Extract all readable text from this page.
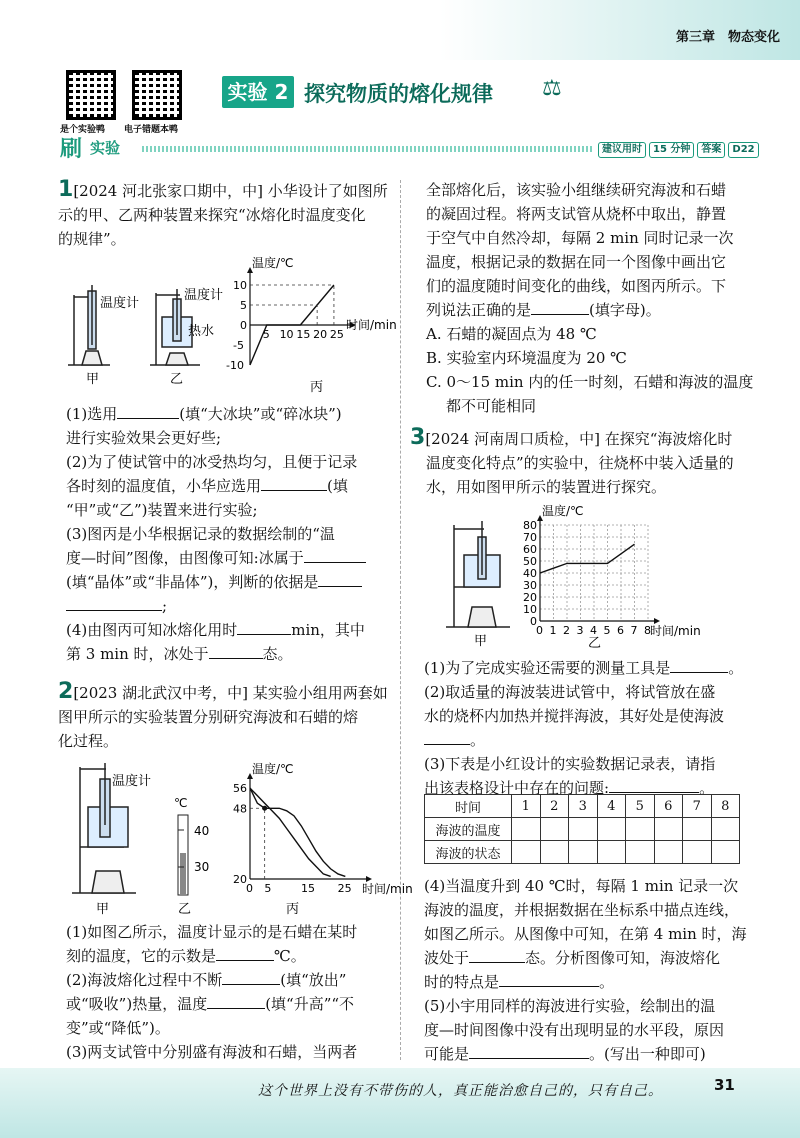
第三章　物态变化
是个实验鸭 电子错题本鸭
实验 2 探究物质的熔化规律 ⚖
刷 实验	建议用时	15 分钟	答案	D22
1[2024 河北张家口期中，中] 小华设计了如图所
示的甲、乙两种装置来探究“冰熔化时温度变化
的规律”。
温度计
甲
温度计
热水
乙
5 10 15 20 25
-10
-5
0
5
10
温度/℃
时间/min
丙
(1)选用	(填“大冰块”或“碎冰块”)
进行实验效果会更好些;
(2)为了使试管中的冰受热均匀，且便于记录
各时刻的温度值，小华应选用	(填
“甲”或“乙”)装置来进行实验;
(3)图丙是小华根据记录的数据绘制的“温
度—时间”图像，由图像可知:冰属于
(填“晶体”或“非晶体”)，判断的依据是
;
(4)由图丙可知冰熔化用时	min，其中
第 3 min 时，冰处于	态。
2[2023 湖北武汉中考，中] 某实验小组用两套如
图甲所示的实验装置分别研究海波和石蜡的熔
化过程。
温度计
甲
℃
40
30
乙
0 5	15 25
20
48
56
温度/℃
时间/min
丙
(1)如图乙所示，温度计显示的是石蜡在某时
刻的温度，它的示数是	℃。
(2)海波熔化过程中不断	(填“放出”
或“吸收”)热量，温度	(填“升高”“不
变”或“降低”)。
(3)两支试管中分别盛有海波和石蜡，当两者
全部熔化后，该实验小组继续研究海波和石蜡
的凝固过程。将两支试管从烧杯中取出，静置
于空气中自然冷却，每隔 2 min 同时记录一次
温度，根据记录的数据在同一个图像中画出它
们的温度随时间变化的曲线，如图丙所示。下
列说法正确的是	(填字母)。
A. 石蜡的凝固点为 48 ℃
B. 实验室内环境温度为 20 ℃
C. 0～15 min 内的任一时刻，石蜡和海波的温度
都不可能相同
3[2024 河南周口质检，中] 在探究“海波熔化时
温度变化特点”的实验中，往烧杯中装入适量的
水，用如图甲所示的装置进行探究。
甲
0 1 2 3 4 5 6 7 8
0
10
20
30
40
50
60
70
80
温度/℃
时间/min
乙
(1)为了完成实验还需要的测量工具是	。
(2)取适量的海波装进试管中，将试管放在盛
水的烧杯内加热并搅拌海波，其好处是使海波
。
(3)下表是小红设计的实验数据记录表，请指
出该表格设计中存在的问题:	。
时间	1	2	3	4	5	6	7	8
海波的温度								
海波的状态								
(4)当温度升到 40 ℃时，每隔 1 min 记录一次
海波的温度，并根据数据在坐标系中描点连线，
如图乙所示。从图像中可知，在第 4 min 时，海
波处于	态。分析图像可知，海波熔化
时的特点是	。
(5)小宇用同样的海波进行实验，绘制出的温
度—时间图像中没有出现明显的水平段，原因
可能是	。(写出一种即可)
这个世界上没有不带伤的人，真正能治愈自己的，只有自己。	31
